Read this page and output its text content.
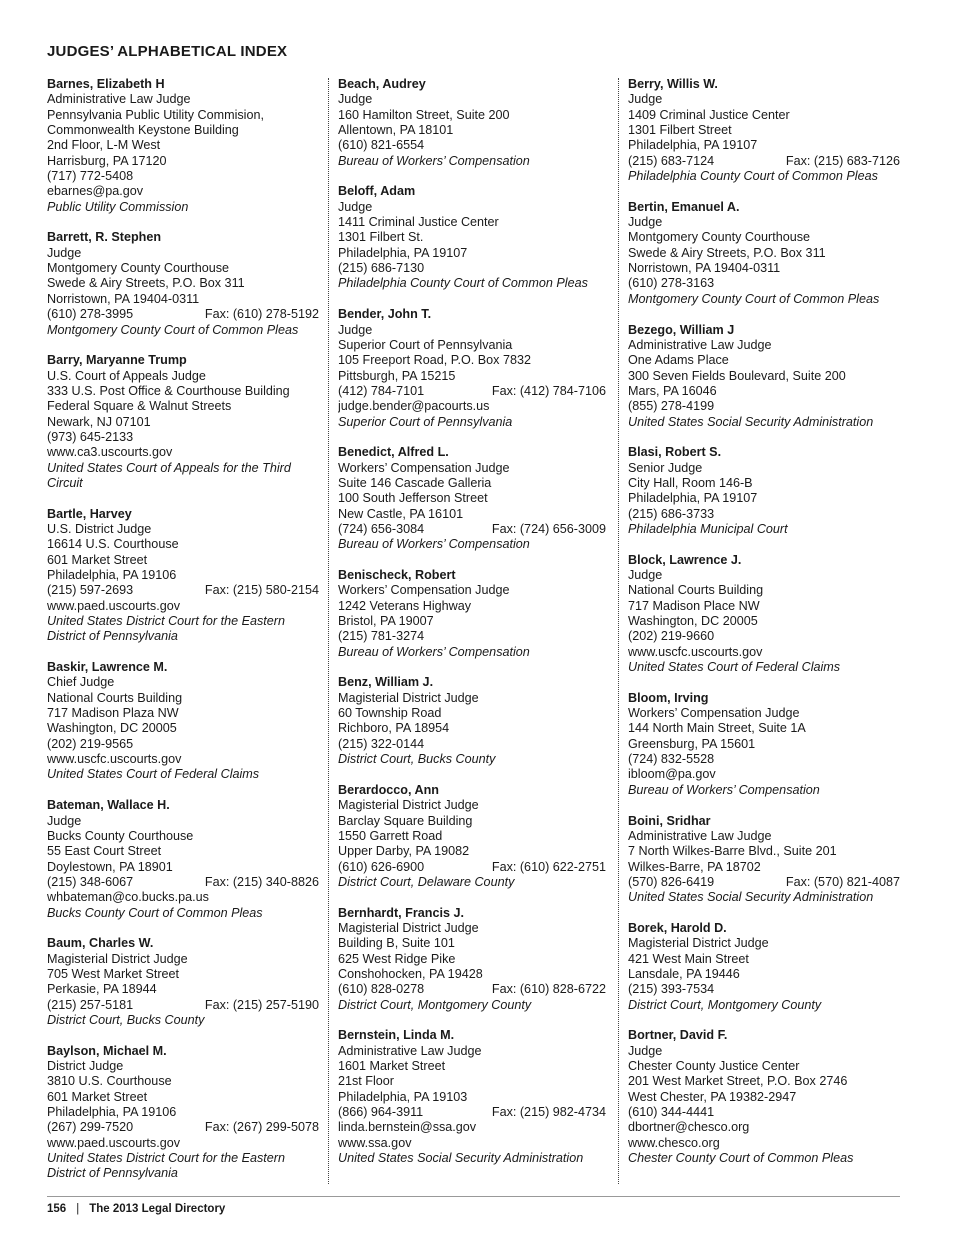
JUDGES’ ALPHABETICAL INDEX
Barnes, Elizabeth H
Administrative Law Judge
Pennsylvania Public Utility Commision,
Commonwealth Keystone Building
2nd Floor, L-M West
Harrisburg, PA 17120
(717) 772-5408
ebarnes@pa.gov
Public Utility Commission
Barrett, R. Stephen
Judge
Montgomery County Courthouse
Swede & Airy Streets, P.O. Box 311
Norristown, PA 19404-0311
(610) 278-3995	Fax: (610) 278-5192
Montgomery County Court of Common Pleas
Barry, Maryanne Trump
U.S. Court of Appeals Judge
333 U.S. Post Office & Courthouse Building
Federal Square & Walnut Streets
Newark, NJ 07101
(973) 645-2133
www.ca3.uscourts.gov
United States Court of Appeals for the Third Circuit
Bartle, Harvey
U.S. District Judge
16614 U.S. Courthouse
601 Market Street
Philadelphia, PA 19106
(215) 597-2693	Fax: (215) 580-2154
www.paed.uscourts.gov
United States District Court for the Eastern District of Pennsylvania
Baskir, Lawrence M.
Chief Judge
National Courts Building
717 Madison Plaza NW
Washington, DC 20005
(202) 219-9565
www.uscfc.uscourts.gov
United States Court of Federal Claims
Bateman, Wallace H.
Judge
Bucks County Courthouse
55 East Court Street
Doylestown, PA 18901
(215) 348-6067	Fax: (215) 340-8826
whbateman@co.bucks.pa.us
Bucks County Court of Common Pleas
Baum, Charles W.
Magisterial District Judge
705 West Market Street
Perkasie, PA 18944
(215) 257-5181	Fax: (215) 257-5190
District Court, Bucks County
Baylson, Michael M.
District Judge
3810 U.S. Courthouse
601 Market Street
Philadelphia, PA 19106
(267) 299-7520	Fax: (267) 299-5078
www.paed.uscourts.gov
United States District Court for the Eastern District of Pennsylvania
Beach, Audrey
Judge
160 Hamilton Street, Suite 200
Allentown, PA 18101
(610) 821-6554
Bureau of Workers’ Compensation
Beloff, Adam
Judge
1411 Criminal Justice Center
1301 Filbert St.
Philadelphia, PA 19107
(215) 686-7130
Philadelphia County Court of Common Pleas
Bender, John T.
Judge
Superior Court of Pennsylvania
105 Freeport Road, P.O. Box 7832
Pittsburgh, PA 15215
(412) 784-7101	Fax: (412) 784-7106
judge.bender@pacourts.us
Superior Court of Pennsylvania
Benedict, Alfred L.
Workers’ Compensation Judge
Suite 146 Cascade Galleria
100 South Jefferson Street
New Castle, PA 16101
(724) 656-3084	Fax: (724) 656-3009
Bureau of Workers’ Compensation
Benischeck, Robert
Workers’ Compensation Judge
1242 Veterans Highway
Bristol, PA 19007
(215) 781-3274
Bureau of Workers’ Compensation
Benz, William J.
Magisterial District Judge
60 Township Road
Richboro, PA 18954
(215) 322-0144
District Court, Bucks County
Berardocco, Ann
Magisterial District Judge
Barclay Square Building
1550 Garrett Road
Upper Darby, PA 19082
(610) 626-6900	Fax: (610) 622-2751
District Court, Delaware County
Bernhardt, Francis J.
Magisterial District Judge
Building B, Suite 101
625 West Ridge Pike
Conshohocken, PA 19428
(610) 828-0278	Fax: (610) 828-6722
District Court, Montgomery County
Bernstein, Linda M.
Administrative Law Judge
1601 Market Street
21st Floor
Philadelphia, PA 19103
(866) 964-3911	Fax: (215) 982-4734
linda.bernstein@ssa.gov
www.ssa.gov
United States Social Security Administration
Berry, Willis W.
Judge
1409 Criminal Justice Center
1301 Filbert Street
Philadelphia, PA 19107
(215) 683-7124	Fax: (215) 683-7126
Philadelphia County Court of Common Pleas
Bertin, Emanuel A.
Judge
Montgomery County Courthouse
Swede & Airy Streets, P.O. Box 311
Norristown, PA 19404-0311
(610) 278-3163
Montgomery County Court of Common Pleas
Bezego, William J
Administrative Law Judge
One Adams Place
300 Seven Fields Boulevard, Suite 200
Mars, PA 16046
(855) 278-4199
United States Social Security Administration
Blasi, Robert S.
Senior Judge
City Hall, Room 146-B
Philadelphia, PA 19107
(215) 686-3733
Philadelphia Municipal Court
Block, Lawrence J.
Judge
National Courts Building
717 Madison Place NW
Washington, DC 20005
(202) 219-9660
www.uscfc.uscourts.gov
United States Court of Federal Claims
Bloom, Irving
Workers’ Compensation Judge
144 North Main Street, Suite 1A
Greensburg, PA 15601
(724) 832-5528
ibloom@pa.gov
Bureau of Workers’ Compensation
Boini, Sridhar
Administrative Law Judge
7 North Wilkes-Barre Blvd., Suite 201
Wilkes-Barre, PA 18702
(570) 826-6419	Fax: (570) 821-4087
United States Social Security Administration
Borek, Harold D.
Magisterial District Judge
421 West Main Street
Lansdale, PA 19446
(215) 393-7534
District Court, Montgomery County
Bortner, David F.
Judge
Chester County Justice Center
201 West Market Street, P.O. Box 2746
West Chester, PA 19382-2947
(610) 344-4441
dbortner@chesco.org
www.chesco.org
Chester County Court of Common Pleas
156 | The 2013 Legal Directory
